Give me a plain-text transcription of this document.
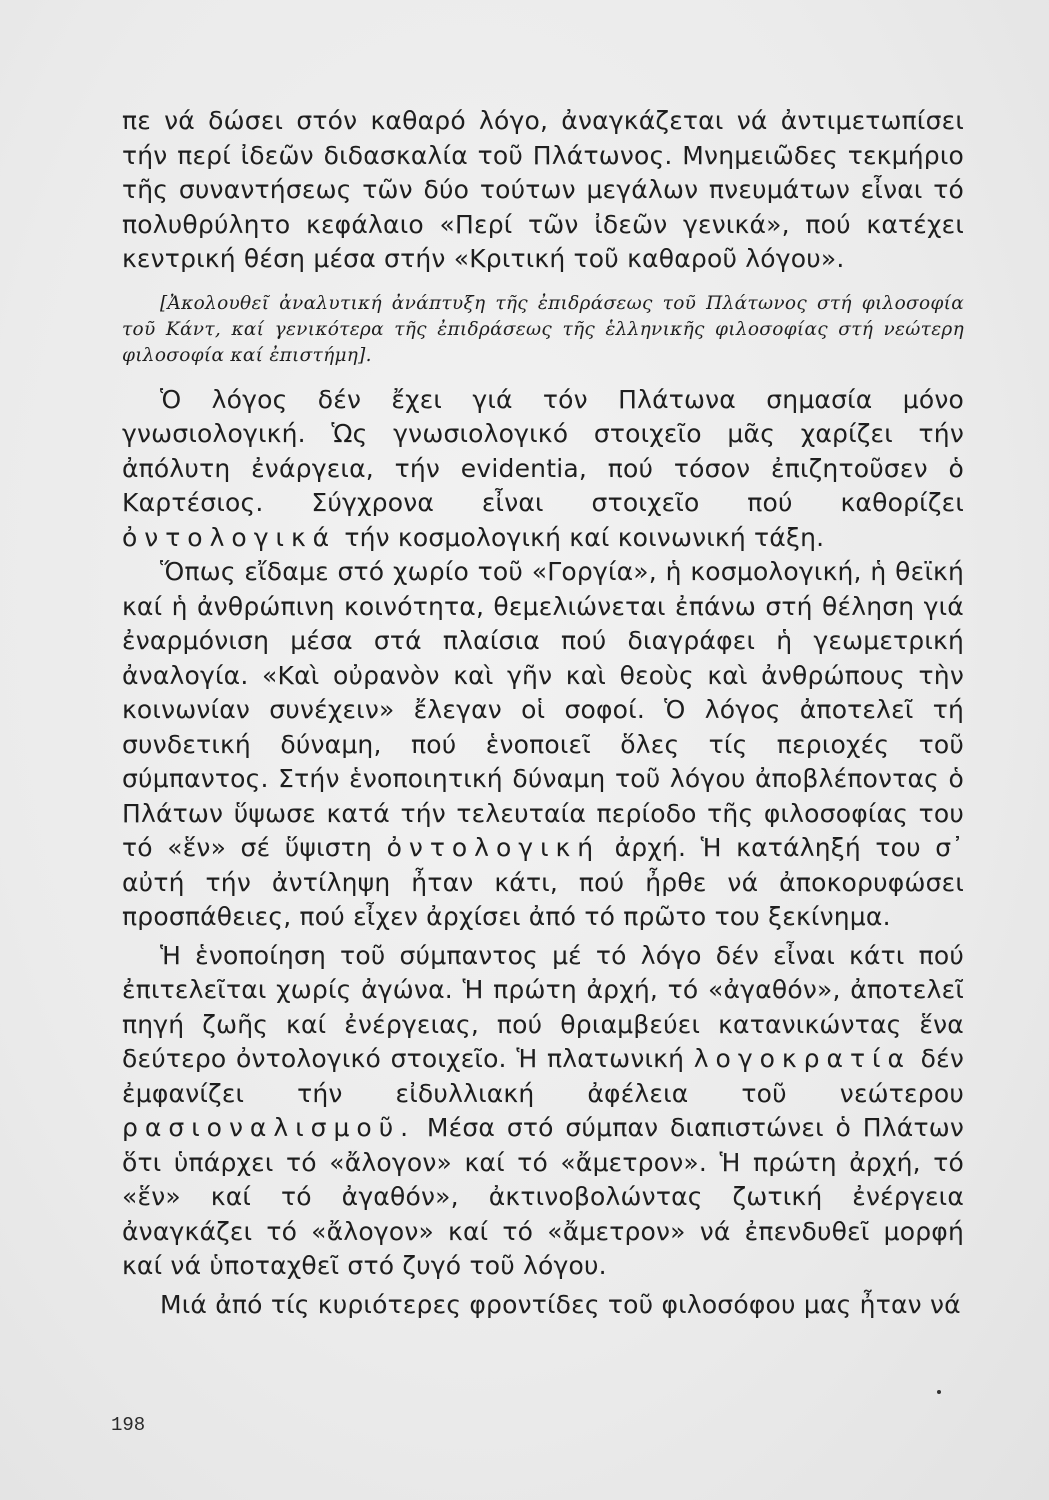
πε νά δώσει στόν καθαρό λόγο, ἀναγκάζεται νά ἀντιμετωπίσει τήν περί ἰδεῶν διδασκαλία τοῦ Πλάτωνος. Μνημειῶδες τεκμήριο τῆς συναντήσεως τῶν δύο τούτων μεγάλων πνευμάτων εἶναι τό πολυθρύλητο κεφάλαιο «Περί τῶν ἰδεῶν γενικά», πού κατέχει κεντρική θέση μέσα στήν «Κριτική τοῦ καθαροῦ λόγου».

[Ἀκολουθεῖ ἀναλυτική ἀνάπτυξη τῆς ἐπιδράσεως τοῦ Πλάτωνος στή φιλοσοφία τοῦ Κάντ, καί γενικότερα τῆς ἐπιδράσεως τῆς ἑλληνικῆς φιλοσοφίας στή νεώτερη φιλοσοφία καί ἐπιστήμη].

Ὁ λόγος δέν ἔχει γιά τόν Πλάτωνα σημασία μόνο γνωσιολογική. Ὡς γνωσιολογικό στοιχεῖο μᾶς χαρίζει τήν ἀπόλυτη ἐνάργεια, τήν evidentia, πού τόσον ἐπιζητοῦσεν ὁ Καρτέσιος. Σύγχρονα εἶναι στοιχεῖο πού καθορίζει ὀντολογικά τήν κοσμολογική καί κοινωνική τάξη.

Ὅπως εἴδαμε στό χωρίο τοῦ «Γοργία», ἡ κοσμολογική, ἡ θεϊκή καί ἡ ἀνθρώπινη κοινότητα, θεμελιώνεται ἐπάνω στή θέληση γιά ἐναρμόνιση μέσα στά πλαίσια πού διαγράφει ἡ γεωμετρική ἀναλογία. «Καὶ οὐρανὸν καὶ γῆν καὶ θεοὺς καὶ ἀνθρώπους τὴν κοινωνίαν συνέχειν» ἔλεγαν οἱ σοφοί. Ὁ λόγος ἀποτελεῖ τή συνδετική δύναμη, πού ἑνοποιεῖ ὅλες τίς περιοχές τοῦ σύμπαντος. Στήν ἑνοποιητική δύναμη τοῦ λόγου ἀποβλέποντας ὁ Πλάτων ὕψωσε κατά τήν τελευταία περίοδο τῆς φιλοσοφίας του τό «ἕν» σέ ὕψιστη ὀντολογική ἀρχή. Ἡ κατάληξή του σ᾽ αὐτή τήν ἀντίληψη ἦταν κάτι, πού ἦρθε νά ἀποκορυφώσει προσπάθειες, πού εἶχεν ἀρχίσει ἀπό τό πρῶτο του ξεκίνημα.

Ἡ ἑνοποίηση τοῦ σύμπαντος μέ τό λόγο δέν εἶναι κάτι πού ἐπιτελεῖται χωρίς ἀγώνα. Ἡ πρώτη ἀρχή, τό «ἀγαθόν», ἀποτελεῖ πηγή ζωῆς καί ἐνέργειας, πού θριαμβεύει κατανικώντας ἕνα δεύτερο ὀντολογικό στοιχεῖο. Ἡ πλατωνική λογοκρατία δέν ἐμφανίζει τήν εἰδυλλιακή ἀφέλεια τοῦ νεώτερου ρασιοναλισμοῦ. Μέσα στό σύμπαν διαπιστώνει ὁ Πλάτων ὅτι ὑπάρχει τό «ἄλογον» καί τό «ἄμετρον». Ἡ πρώτη ἀρχή, τό «ἕν» καί τό ἀγαθόν», ἀκτινοβολώντας ζωτική ἐνέργεια ἀναγκάζει τό «ἄλογον» καί τό «ἄμετρον» νά ἐπενδυθεῖ μορφή καί νά ὑποταχθεῖ στό ζυγό τοῦ λόγου.

Μιά ἀπό τίς κυριότερες φροντίδες τοῦ φιλοσόφου μας ἦταν νά

198
